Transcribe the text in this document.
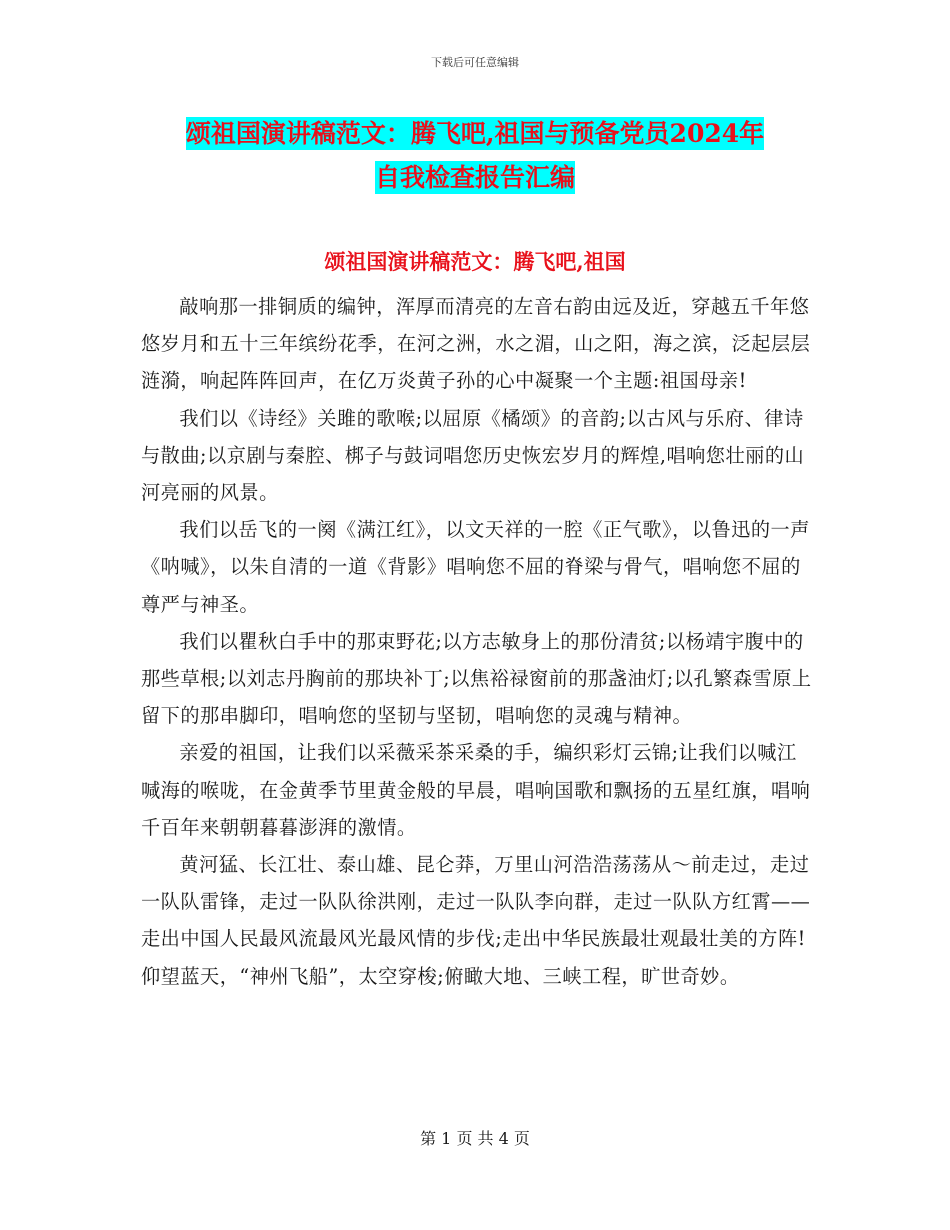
下载后可任意编辑
颂祖国演讲稿范文：腾飞吧,祖国与预备党员2024年
自我检查报告汇编
颂祖国演讲稿范文：腾飞吧,祖国

敲响那一排铜质的编钟，浑厚而清亮的左音右韵由远及近，穿越五千年悠悠岁月和五十三年缤纷花季，在河之洲，水之湄，山之阳，海之滨，泛起层层涟漪，响起阵阵回声，在亿万炎黄子孙的心中凝聚一个主题:祖国母亲!

我们以《诗经》关雎的歌喉;以屈原《橘颂》的音韵;以古风与乐府、律诗与散曲;以京剧与秦腔、梆子与鼓词唱您历史恢宏岁月的辉煌,唱响您壮丽的山河亮丽的风景。

我们以岳飞的一阕《满江红》，以文天祥的一腔《正气歌》，以鲁迅的一声《呐喊》，以朱自清的一道《背影》唱响您不屈的脊梁与骨气，唱响您不屈的尊严与神圣。

我们以瞿秋白手中的那束野花;以方志敏身上的那份清贫;以杨靖宇腹中的那些草根;以刘志丹胸前的那块补丁;以焦裕禄窗前的那盏油灯;以孔繁森雪原上留下的那串脚印，唱响您的坚韧与坚韧，唱响您的灵魂与精神。

亲爱的祖国，让我们以采薇采茶采桑的手，编织彩灯云锦;让我们以喊江喊海的喉咙，在金黄季节里黄金般的早晨，唱响国歌和飘扬的五星红旗，唱响千百年来朝朝暮暮澎湃的激情。

黄河猛、长江壮、泰山雄、昆仑莽，万里山河浩浩荡荡从～前走过，走过一队队雷锋，走过一队队徐洪刚，走过一队队李向群，走过一队队方红霄——走出中国人民最风流最风光最风情的步伐;走出中华民族最壮观最壮美的方阵!仰望蓝天，“神州飞船”，太空穿梭;俯瞰大地、三峡工程，旷世奇妙。

第 1 页 共 4 页
